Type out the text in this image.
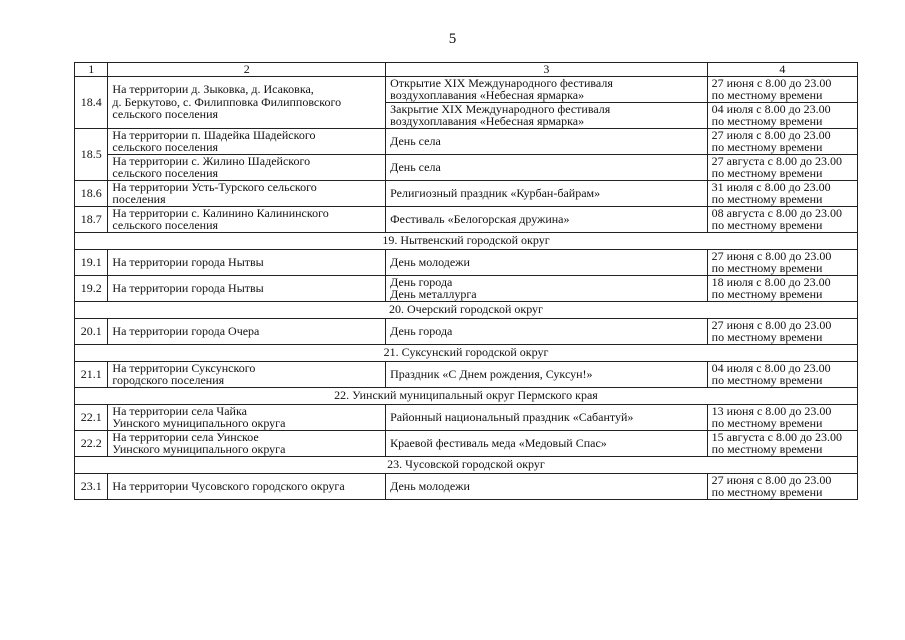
5
1	2	3	4
18.4	На территории д. Зыковка, д. Исаковка,
д. Беркутово, с. Филипповка Филипповского
сельского поселения	Открытие XIX Международного фестиваля
воздухоплавания «Небесная ярмарка»	27 июня с 8.00 до 23.00
по местному времени

		Закрытие XIX Международного фестиваля
воздухоплавания «Небесная ярмарка»	04 июля с 8.00 до 23.00
по местному времени

18.5	На территории п. Шадейка Шадейского
сельского поселения	День села	27 июля с 8.00 до 23.00
по местному времени

	На территории с. Жилино Шадейского
сельского поселения	День села	27 августа с 8.00 до 23.00
по местному времени

18.6	На территории Усть-Турского сельского
поселения	Религиозный праздник «Курбан-байрам»	31 июля с 8.00 до 23.00
по местному времени

18.7	На территории с. Калинино Калининского
сельского поселения	Фестиваль «Белогорская дружина»	08 августа с 8.00 до 23.00
по местному времени

19. Нытвенский городской округ			
19.1	На территории города Нытвы	День молодежи	27 июня с 8.00 до 23.00
по местному времени

19.2	На территории города Нытвы	День города
День металлурга	18 июля с 8.00 до 23.00
по местному времени

20. Очерский городской округ			
20.1	На территории города Очера	День города	27 июня с 8.00 до 23.00
по местному времени

21. Суксунский городской округ			
21.1	На территории Суксунского
городского поселения	Праздник «С Днем рождения, Суксун!»	04 июля с 8.00 до 23.00
по местному времени

22. Уинский муниципальный округ Пермского края			
22.1	На территории села Чайка
Уинского муниципального округа	Районный национальный праздник «Сабантуй»	13 июня с 8.00 до 23.00
по местному времени

22.2	На территории села Уинское
Уинского муниципального округа	Краевой фестиваль меда «Медовый Спас»	15 августа с 8.00 до 23.00
по местному времени

23. Чусовской городской округ			
23.1	На территории Чусовского городского округа	День молодежи	27 июня с 8.00 до 23.00
по местному времени
